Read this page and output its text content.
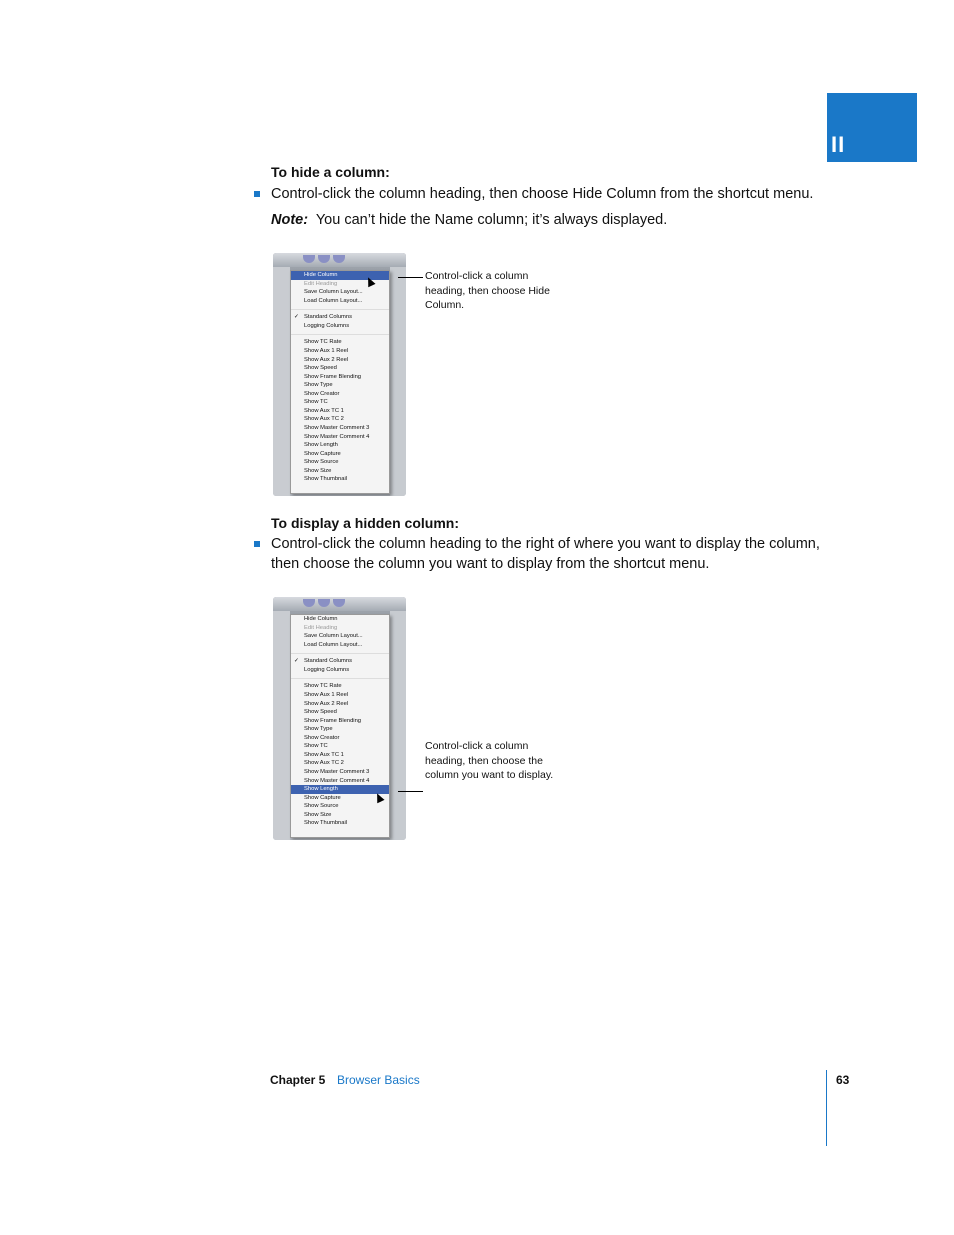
II
To hide a column:
Control-click the column heading, then choose Hide Column from the shortcut menu.
Note: You can’t hide the Name column; it’s always displayed.
Hide Column
Edit Heading
Save Column Layout...
Load Column Layout...
✓ Standard Columns
Logging Columns
Show TC Rate
Show Aux 1 Reel
Show Aux 2 Reel
Show Speed
Show Frame Blending
Show Type
Show Creator
Show TC
Show Aux TC 1
Show Aux TC 2
Show Master Comment 3
Show Master Comment 4
Show Length
Show Capture
Show Source
Show Size
Show Thumbnail
Control-click a column heading, then choose Hide Column.
To display a hidden column:
Control-click the column heading to the right of where you want to display the column, then choose the column you want to display from the shortcut menu.
Hide Column
Edit Heading
Save Column Layout...
Load Column Layout...
✓ Standard Columns
Logging Columns
Show TC Rate
Show Aux 1 Reel
Show Aux 2 Reel
Show Speed
Show Frame Blending
Show Type
Show Creator
Show TC
Show Aux TC 1
Show Aux TC 2
Show Master Comment 3
Show Master Comment 4
Show Length
Show Capture
Show Source
Show Size
Show Thumbnail
Control-click a column heading, then choose the column you want to display.
Chapter 5 Browser Basics	63
